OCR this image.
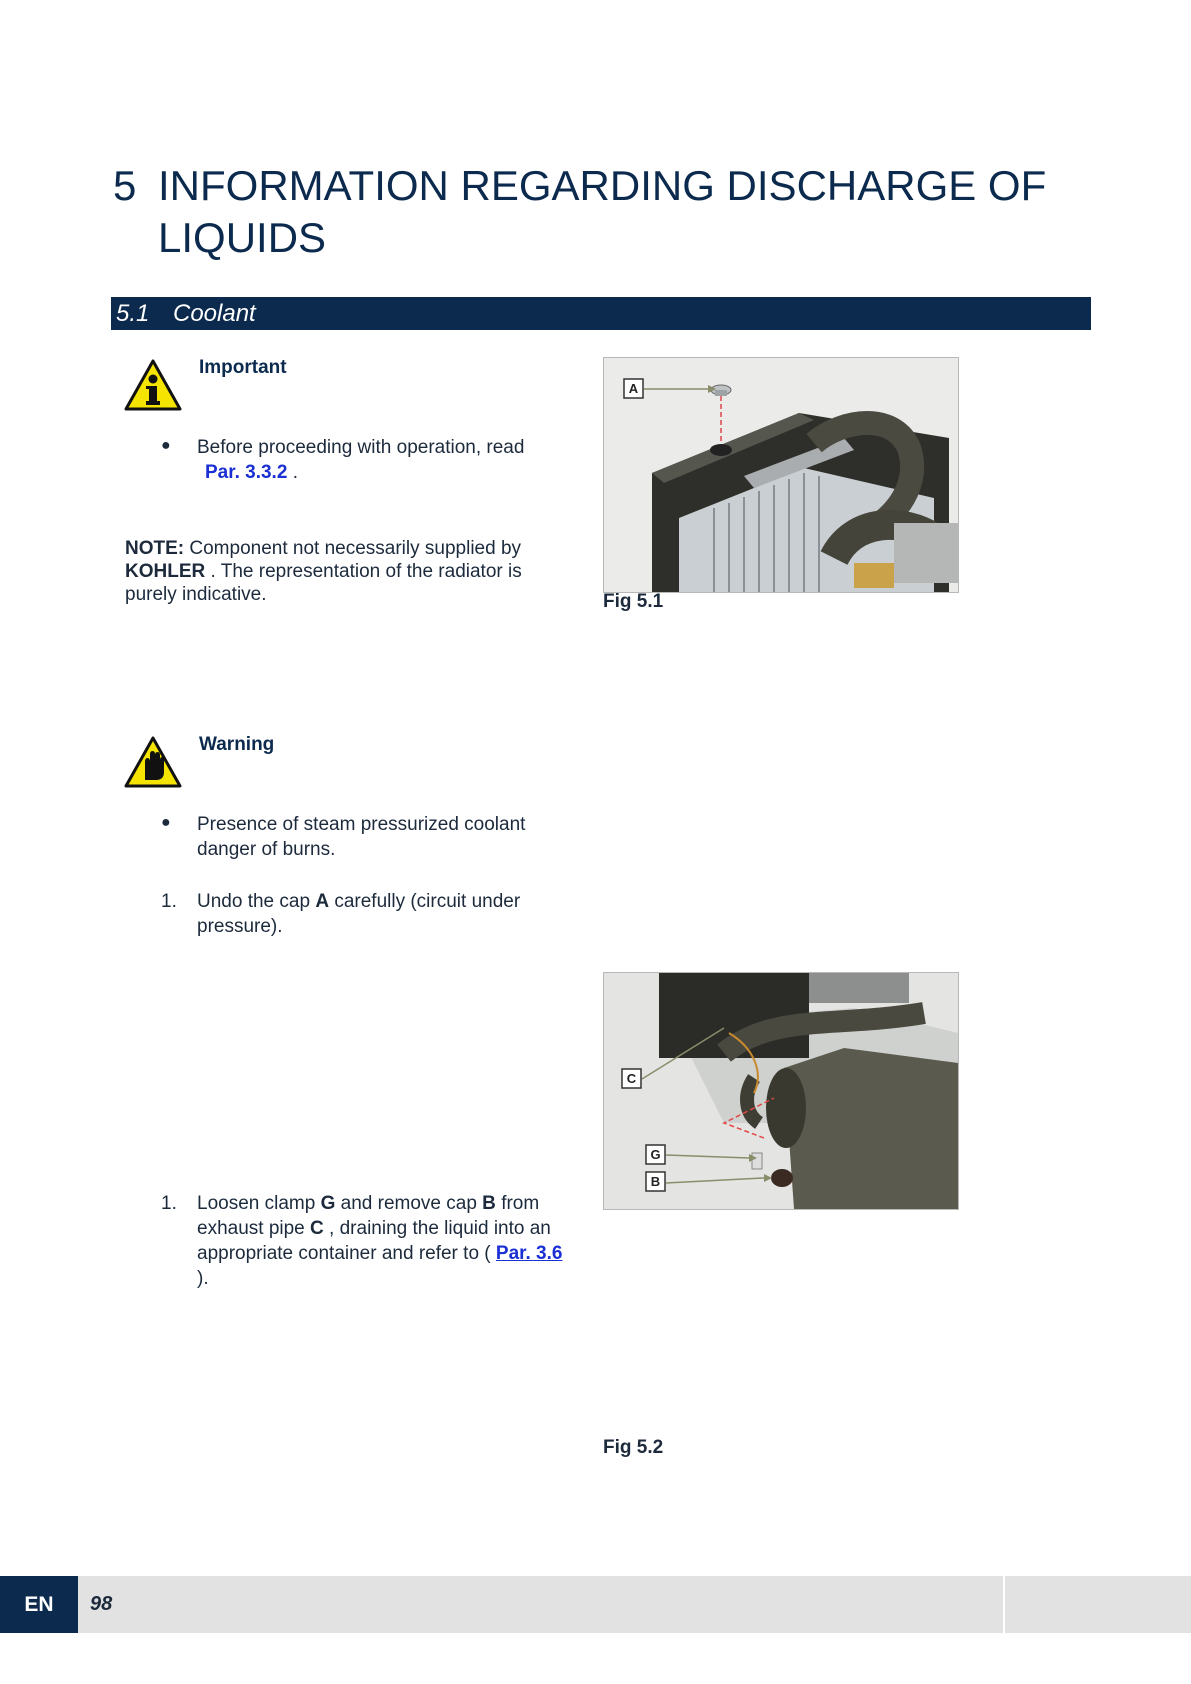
5 INFORMATION REGARDING DISCHARGE OF LIQUIDS
5.1 Coolant
Important
● Before proceeding with operation, read Par. 3.3.2 .
NOTE: Component not necessarily supplied by KOHLER . The representation of the radiator is purely indicative.
A
Fig 5.1
Warning
● Presence of steam pressurized coolant danger of burns.
1. Undo the cap A carefully (circuit under pressure).
C
G
B
1. Loosen clamp G and remove cap B from exhaust pipe C , draining the liquid into an appropriate container and refer to ( Par. 3.6 ).
Fig 5.2
EN	98
